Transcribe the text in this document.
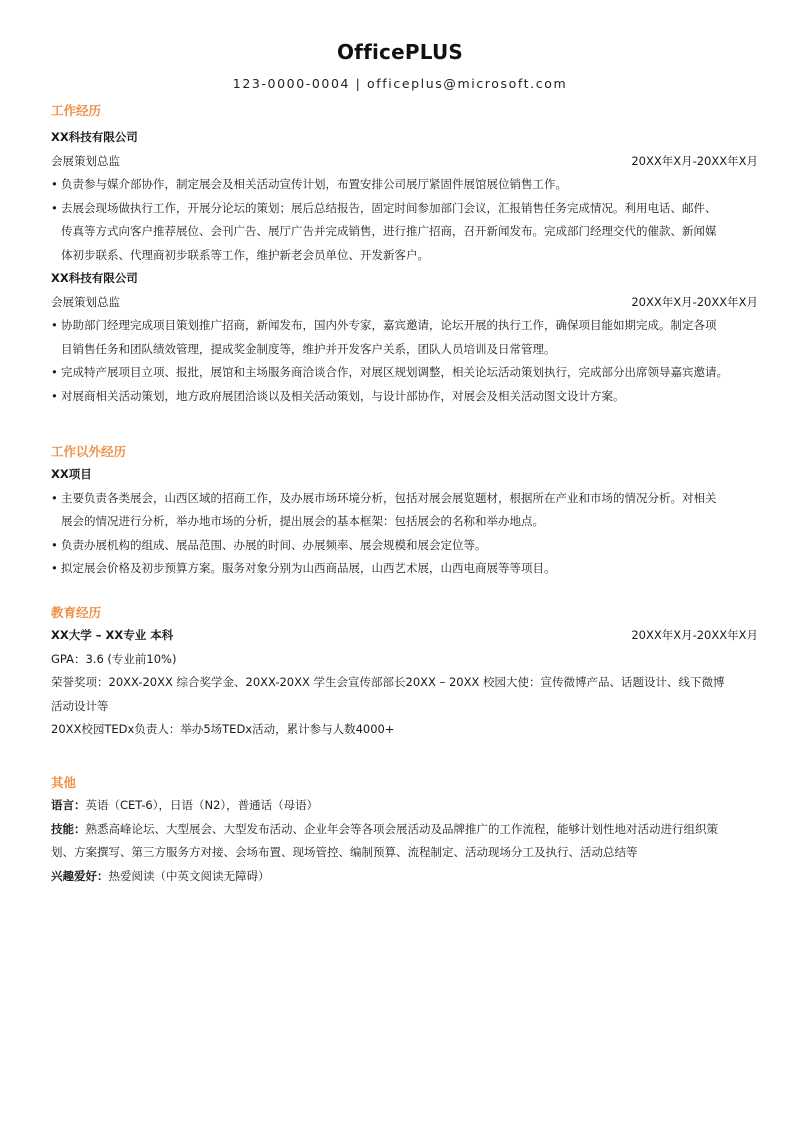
OfficePLUS
123-0000-0004 | officeplus@microsoft.com
工作经历
XX科技有限公司
会展策划总监	20XX年X月-20XX年X月
• 负责参与媒介部协作，制定展会及相关活动宣传计划，布置安排公司展厅紧固件展馆展位销售工作。
• 去展会现场做执行工作，开展分论坛的策划；展后总结报告，固定时间参加部门会议，汇报销售任务完成情况。利用电话、邮件、
传真等方式向客户推荐展位、会刊广告、展厅广告并完成销售，进行推广招商，召开新闻发布。完成部门经理交代的催款、新闻媒
体初步联系、代理商初步联系等工作，维护新老会员单位、开发新客户。
XX科技有限公司
会展策划总监	20XX年X月-20XX年X月
• 协助部门经理完成项目策划推广招商，新闻发布，国内外专家，嘉宾邀请，论坛开展的执行工作，确保项目能如期完成。制定各项
目销售任务和团队绩效管理，提成奖金制度等，维护并开发客户关系，团队人员培训及日常管理。
• 完成特产展项目立项、报批，展馆和主场服务商洽谈合作，对展区规划调整，相关论坛活动策划执行，完成部分出席领导嘉宾邀请。
• 对展商相关活动策划，地方政府展团洽谈以及相关活动策划，与设计部协作，对展会及相关活动图文设计方案。
工作以外经历
XX项目
• 主要负责各类展会，山西区域的招商工作，及办展市场环境分析，包括对展会展览题材，根据所在产业和市场的情况分析。对相关
展会的情况进行分析，举办地市场的分析，提出展会的基本框架：包括展会的名称和举办地点。
• 负责办展机构的组成、展品范围、办展的时间、办展频率、展会规模和展会定位等。
• 拟定展会价格及初步预算方案。服务对象分别为山西商品展，山西艺术展，山西电商展等等项目。
教育经历
XX大学 – XX专业 本科	20XX年X月-20XX年X月
GPA：3.6 (专业前10%)
荣誉奖项：20XX-20XX 综合奖学金、20XX-20XX 学生会宣传部部长20XX – 20XX 校园大使：宣传微博产品、话题设计、线下微博
活动设计等
20XX校园TEDx负责人：举办5场TEDx活动，累计参与人数4000+
其他
语言：英语（CET-6），日语（N2），普通话（母语）
技能：熟悉高峰论坛、大型展会、大型发布活动、企业年会等各项会展活动及品牌推广的工作流程，能够计划性地对活动进行组织策
划、方案撰写、第三方服务方对接、会场布置、现场管控、编制预算、流程制定、活动现场分工及执行、活动总结等
兴趣爱好：热爱阅读（中英文阅读无障碍）
